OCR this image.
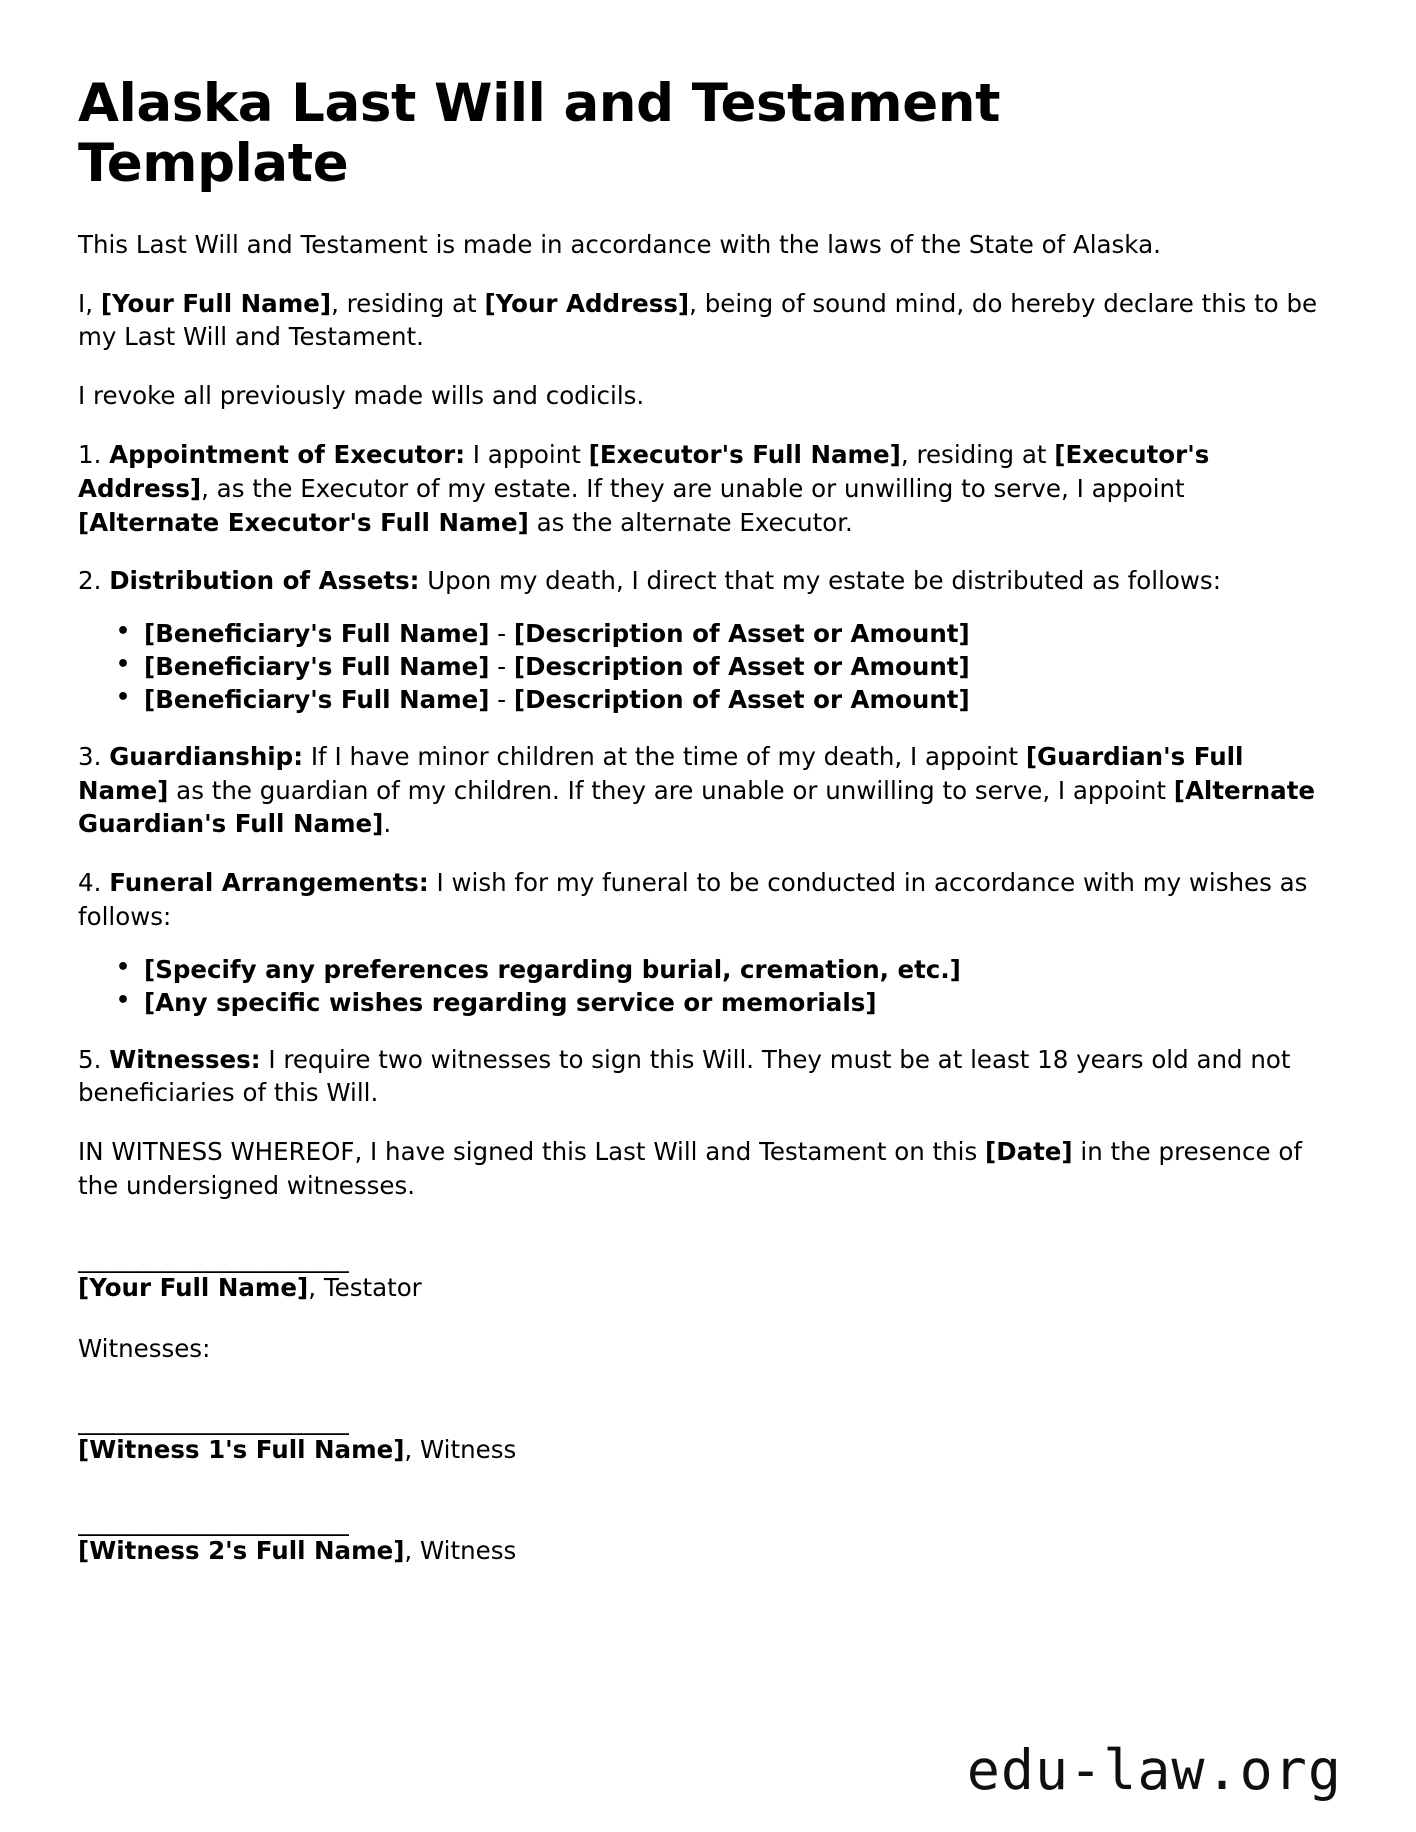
Alaska Last Will and Testament Template

This Last Will and Testament is made in accordance with the laws of the State of Alaska.

I, [Your Full Name], residing at [Your Address], being of sound mind, do hereby declare this to be my Last Will and Testament.

I revoke all previously made wills and codicils.

1. Appointment of Executor: I appoint [Executor's Full Name], residing at [Executor's Address], as the Executor of my estate. If they are unable or unwilling to serve, I appoint [Alternate Executor's Full Name] as the alternate Executor.

2. Distribution of Assets: Upon my death, I direct that my estate be distributed as follows:

• [Beneficiary's Full Name] - [Description of Asset or Amount]
• [Beneficiary's Full Name] - [Description of Asset or Amount]
• [Beneficiary's Full Name] - [Description of Asset or Amount]

3. Guardianship: If I have minor children at the time of my death, I appoint [Guardian's Full Name] as the guardian of my children. If they are unable or unwilling to serve, I appoint [Alternate Guardian's Full Name].

4. Funeral Arrangements: I wish for my funeral to be conducted in accordance with my wishes as follows:

• [Specify any preferences regarding burial, cremation, etc.]
• [Any specific wishes regarding service or memorials]

5. Witnesses: I require two witnesses to sign this Will. They must be at least 18 years old and not beneficiaries of this Will.

IN WITNESS WHEREOF, I have signed this Last Will and Testament on this [Date] in the presence of the undersigned witnesses.

_______________________
[Your Full Name], Testator

Witnesses:

_______________________
[Witness 1's Full Name], Witness
_______________________
[Witness 2's Full Name], Witness
edu-law.org
